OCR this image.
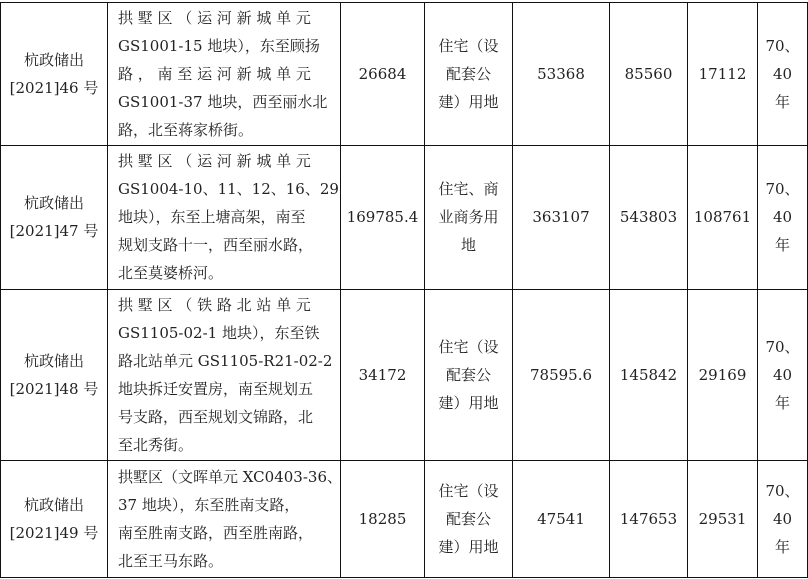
杭政储出
[2021]46 号
拱 墅 区 （ 运 河 新 城 单 元
GS1001-15 地块），东至顾扬
路 ， 南 至 运 河 新 城 单 元
GS1001-37 地块，西至丽水北
路，北至蒋家桥街。
26684
住宅（设
配套公
建）用地
53368	85560 17112
70、
40
年
杭政储出
[2021]47 号
拱 墅 区 （ 运 河 新 城 单 元
GS1004-10、11、12、16、29
地块），东至上塘高架，南至
规划支路十一，西至丽水路，
北至莫婆桥河。
169785.4
住宅、商
业商务用
地
363107 543803 108761
70、
40
年
杭政储出
[2021]48 号
拱 墅 区 （ 铁 路 北 站 单 元
GS1105-02-1 地块），东至铁
路北站单元 GS1105-R21-02-2
地块拆迁安置房，南至规划五
号支路，西至规划文锦路，北
至北秀街。
34172
住宅（设
配套公
建）用地
78595.6 145842 29169
70、
40
年
杭政储出
[2021]49 号
拱墅区（文晖单元 XC0403-36、
37 地块），东至胜南支路，
南至胜南支路，西至胜南路，
北至王马东路。
18285
住宅（设
配套公
建）用地
47541 147653 29531
70、
40
年
